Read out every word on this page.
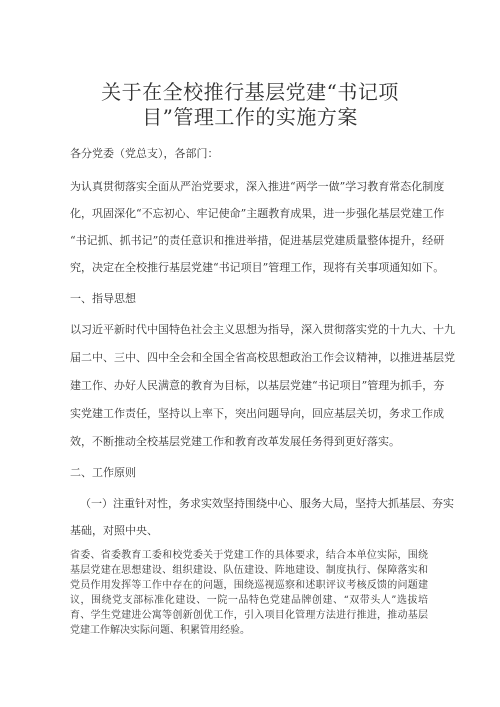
关于在全校推行基层党建“书记项
目”管理工作的实施方案
各分党委（党总支），各部门：
为认真贯彻落实全面从严治党要求，深入推进“两学一做”学习教育常态化制度
化，巩固深化“不忘初心、牢记使命”主题教育成果，进一步强化基层党建工作
“书记抓、抓书记”的责任意识和推进举措，促进基层党建质量整体提升，经研
究，决定在全校推行基层党建“书记项目”管理工作，现将有关事项通知如下。
一、指导思想
以习近平新时代中国特色社会主义思想为指导，深入贯彻落实党的十九大、十九
届二中、三中、四中全会和全国全省高校思想政治工作会议精神，以推进基层党
建工作、办好人民满意的教育为目标，以基层党建“书记项目”管理为抓手，夯
实党建工作责任，坚持以上率下，突出问题导向，回应基层关切，务求工作成
效，不断推动全校基层党建工作和教育改革发展任务得到更好落实。
二、工作原则
（一）注重针对性，务求实效坚持围绕中心、服务大局，坚持大抓基层、夯实
基础，对照中央、
省委、省委教育工委和校党委关于党建工作的具体要求，结合本单位实际，围绕
基层党建在思想建设、组织建设、队伍建设、阵地建设、制度执行、保障落实和
党员作用发挥等工作中存在的问题，围绕巡视巡察和述职评议考核反馈的问题建
议，围绕党支部标准化建设、一院一品特色党建品牌创建、“双带头人”选拔培
育、学生党建进公寓等创新创优工作，引入项目化管理方法进行推进，推动基层
党建工作解决实际问题、积累管用经验。
